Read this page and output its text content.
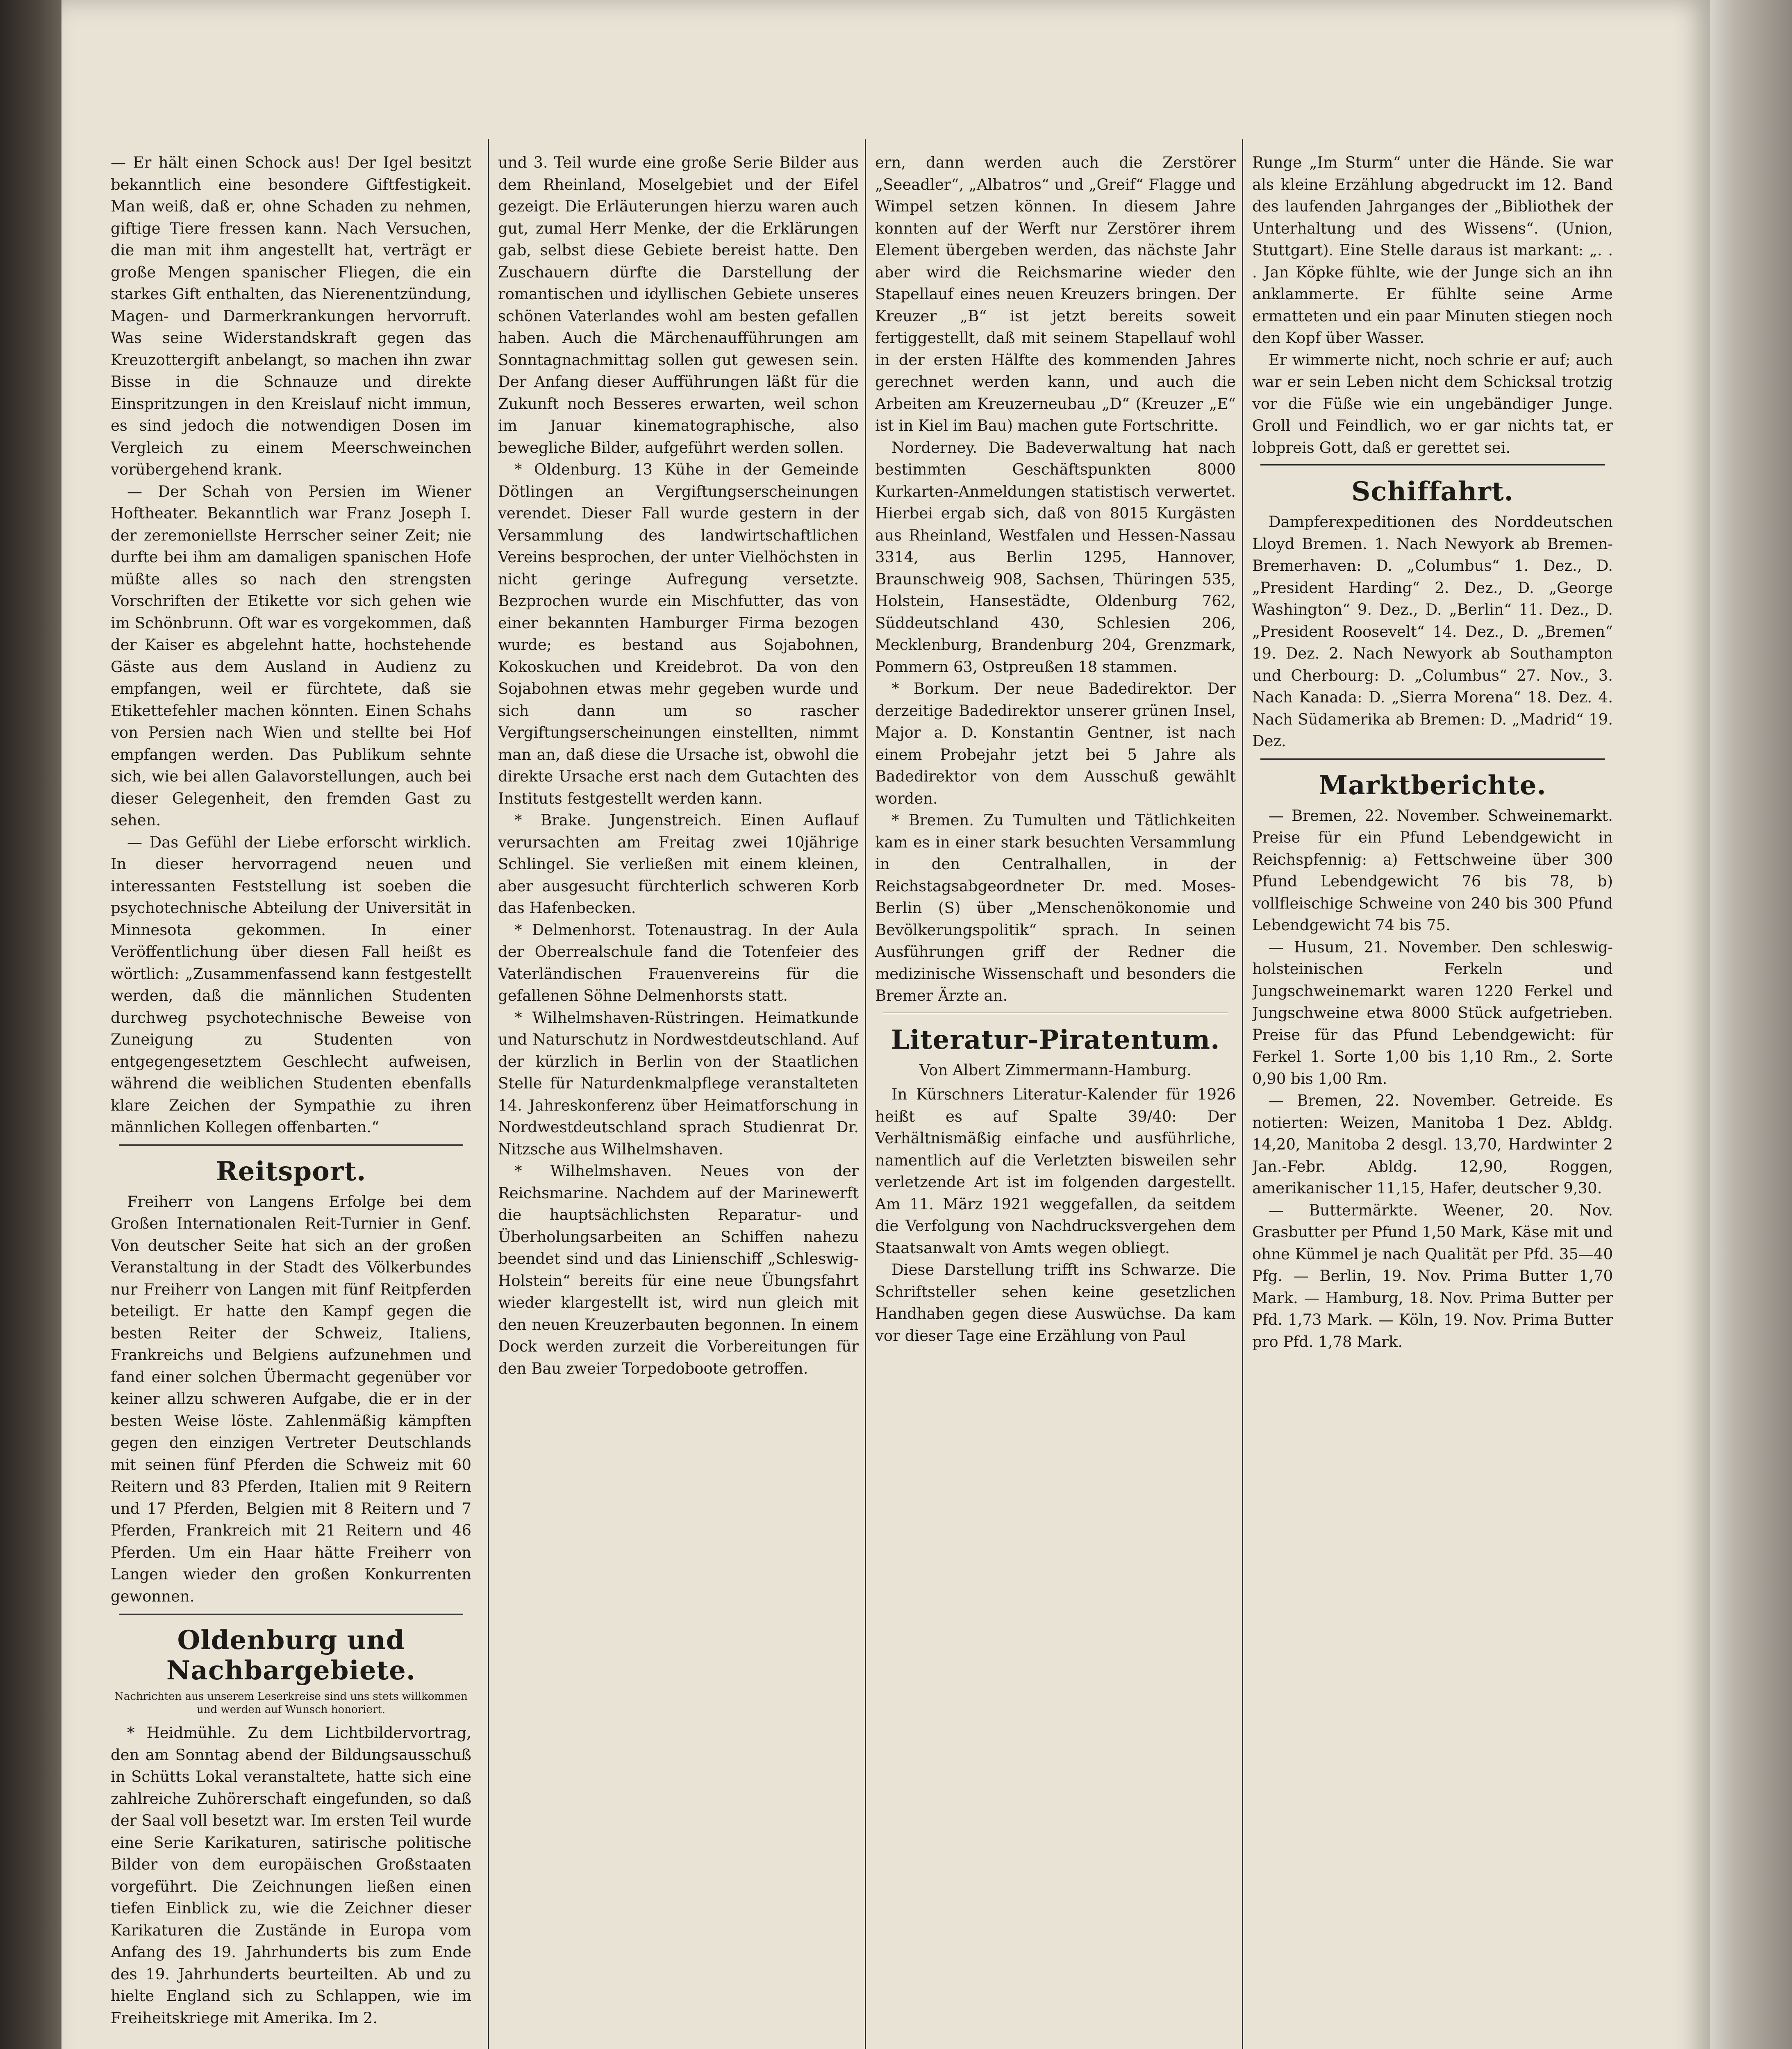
— Er hält einen Schock aus! Der Igel besitzt bekanntlich eine besondere Giftfestigkeit. Man weiß, daß er, ohne Schaden zu nehmen, giftige Tiere fressen kann. Nach Versuchen, die man mit ihm angestellt hat, verträgt er große Mengen spanischer Fliegen, die ein starkes Gift enthalten, das Nierenentzündung, Magen- und Darmerkrankungen hervorruft. Was seine Widerstandskraft gegen das Kreuzottergift anbelangt, so machen ihn zwar Bisse in die Schnauze und direkte Einspritzungen in den Kreislauf nicht immun, es sind jedoch die notwendigen Dosen im Vergleich zu einem Meerschweinchen vorübergehend krank.

— Der Schah von Persien im Wiener Hoftheater. Bekanntlich war Franz Joseph I. der zeremoniellste Herrscher seiner Zeit; nie durfte bei ihm am damaligen spanischen Hofe müßte alles so nach den strengsten Vorschriften der Etikette vor sich gehen wie im Schönbrunn. Oft war es vorgekommen, daß der Kaiser es abgelehnt hatte, hochstehende Gäste aus dem Ausland in Audienz zu empfangen, weil er fürchtete, daß sie Etikettefehler machen könnten. Einen Schahs von Persien nach Wien und stellte bei Hof empfangen werden. Das Publikum sehnte sich, wie bei allen Galavorstellungen, auch bei dieser Gelegenheit, den fremden Gast zu sehen.

— Das Gefühl der Liebe erforscht wirklich. In dieser hervorragend neuen und interessanten Feststellung ist soeben die psychotechnische Abteilung der Universität in Minnesota gekommen. In einer Veröffentlichung über diesen Fall heißt es wörtlich: „Zusammenfassend kann festgestellt werden, daß die männlichen Studenten durchweg psychotechnische Beweise von Zuneigung zu Studenten von entgegengesetztem Geschlecht aufweisen, während die weiblichen Studenten ebenfalls klare Zeichen der Sympathie zu ihren männlichen Kollegen offenbarten.“

Reitsport.

Freiherr von Langens Erfolge bei dem Großen Internationalen Reit-Turnier in Genf. Von deutscher Seite hat sich an der großen Veranstaltung in der Stadt des Völkerbundes nur Freiherr von Langen mit fünf Reitpferden beteiligt. Er hatte den Kampf gegen die besten Reiter der Schweiz, Italiens, Frankreichs und Belgiens aufzunehmen und fand einer solchen Übermacht gegenüber vor keiner allzu schweren Aufgabe, die er in der besten Weise löste. Zahlenmäßig kämpften gegen den einzigen Vertreter Deutschlands mit seinen fünf Pferden die Schweiz mit 60 Reitern und 83 Pferden, Italien mit 9 Reitern und 17 Pferden, Belgien mit 8 Reitern und 7 Pferden, Frankreich mit 21 Reitern und 46 Pferden. Um ein Haar hätte Freiherr von Langen wieder den großen Konkurrenten gewonnen.

Oldenburg und Nachbargebiete.
Nachrichten aus unserem Leserkreise sind uns stets willkommen und werden auf Wunsch honoriert.

* Heidmühle. Zu dem Lichtbildervortrag, den am Sonntag abend der Bildungsausschuß in Schütts Lokal veranstaltete, hatte sich eine zahlreiche Zuhörerschaft eingefunden, so daß der Saal voll besetzt war. Im ersten Teil wurde eine Serie Karikaturen, satirische politische Bilder von dem europäischen Großstaaten vorgeführt. Die Zeichnungen ließen einen tiefen Einblick zu, wie die Zeichner dieser Karikaturen die Zustände in Europa vom Anfang des 19. Jahrhunderts bis zum Ende des 19. Jahrhunderts beurteilten. Ab und zu hielte England sich zu Schlappen, wie im Freiheitskriege mit Amerika. Im 2.

und 3. Teil wurde eine große Serie Bilder aus dem Rheinland, Moselgebiet und der Eifel gezeigt. Die Erläuterungen hierzu waren auch gut, zumal Herr Menke, der die Erklärungen gab, selbst diese Gebiete bereist hatte. Den Zuschauern dürfte die Darstellung der romantischen und idyllischen Gebiete unseres schönen Vaterlandes wohl am besten gefallen haben. Auch die Märchenaufführungen am Sonntagnachmittag sollen gut gewesen sein. Der Anfang dieser Aufführungen läßt für die Zukunft noch Besseres erwarten, weil schon im Januar kinematographische, also bewegliche Bilder, aufgeführt werden sollen.

* Oldenburg. 13 Kühe in der Gemeinde Dötlingen an Vergiftungserscheinungen verendet. Dieser Fall wurde gestern in der Versammlung des landwirtschaftlichen Vereins besprochen, der unter Vielhöchsten in nicht geringe Aufregung versetzte. Bezprochen wurde ein Mischfutter, das von einer bekannten Hamburger Firma bezogen wurde; es bestand aus Sojabohnen, Kokoskuchen und Kreidebrot. Da von den Sojabohnen etwas mehr gegeben wurde und sich dann um so rascher Vergiftungserscheinungen einstellten, nimmt man an, daß diese die Ursache ist, obwohl die direkte Ursache erst nach dem Gutachten des Instituts festgestellt werden kann.

* Brake. Jungenstreich. Einen Auflauf verursachten am Freitag zwei 10jährige Schlingel. Sie verließen mit einem kleinen, aber ausgesucht fürchterlich schweren Korb das Hafenbecken.

* Delmenhorst. Totenaustrag. In der Aula der Oberrealschule fand die Totenfeier des Vaterländischen Frauenvereins für die gefallenen Söhne Delmenhorsts statt.

* Wilhelmshaven-Rüstringen. Heimatkunde und Naturschutz in Nordwestdeutschland. Auf der kürzlich in Berlin von der Staatlichen Stelle für Naturdenkmalpflege veranstalteten 14. Jahreskonferenz über Heimatforschung in Nordwestdeutschland sprach Studienrat Dr. Nitzsche aus Wilhelmshaven.

* Wilhelmshaven. Neues von der Reichsmarine. Nachdem auf der Marinewerft die hauptsächlichsten Reparatur- und Überholungsarbeiten an Schiffen nahezu beendet sind und das Linienschiff „Schleswig-Holstein“ bereits für eine neue Übungsfahrt wieder klargestellt ist, wird nun gleich mit den neuen Kreuzerbauten begonnen. In einem Dock werden zurzeit die Vorbereitungen für den Bau zweier Torpedoboote getroffen.

ern, dann werden auch die Zerstörer „Seeadler“, „Albatros“ und „Greif“ Flagge und Wimpel setzen können. In diesem Jahre konnten auf der Werft nur Zerstörer ihrem Element übergeben werden, das nächste Jahr aber wird die Reichsmarine wieder den Stapellauf eines neuen Kreuzers bringen. Der Kreuzer „B“ ist jetzt bereits soweit fertiggestellt, daß mit seinem Stapellauf wohl in der ersten Hälfte des kommenden Jahres gerechnet werden kann, und auch die Arbeiten am Kreuzerneubau „D“ (Kreuzer „E“ ist in Kiel im Bau) machen gute Fortschritte.

Norderney. Die Badeverwaltung hat nach bestimmten Geschäftspunkten 8000 Kurkarten-Anmeldungen statistisch verwertet. Hierbei ergab sich, daß von 8015 Kurgästen aus Rheinland, Westfalen und Hessen-Nassau 3314, aus Berlin 1295, Hannover, Braunschweig 908, Sachsen, Thüringen 535, Holstein, Hansestädte, Oldenburg 762, Süddeutschland 430, Schlesien 206, Mecklenburg, Brandenburg 204, Grenzmark, Pommern 63, Ostpreußen 18 stammen.

* Borkum. Der neue Badedirektor. Der derzeitige Badedirektor unserer grünen Insel, Major a. D. Konstantin Gentner, ist nach einem Probejahr jetzt bei 5 Jahre als Badedirektor von dem Ausschuß gewählt worden.

* Bremen. Zu Tumulten und Tätlichkeiten kam es in einer stark besuchten Versammlung in den Centralhallen, in der Reichstagsabgeordneter Dr. med. Moses-Berlin (S) über „Menschenökonomie und Bevölkerungspolitik“ sprach. In seinen Ausführungen griff der Redner die medizinische Wissenschaft und besonders die Bremer Ärzte an.

Literatur-Piratentum.
Von Albert Zimmermann-Hamburg.

In Kürschners Literatur-Kalender für 1926 heißt es auf Spalte 39/40: Der Verhältnismäßig einfache und ausführliche, namentlich auf die Verletzten bisweilen sehr verletzende Art ist im folgenden dargestellt. Am 11. März 1921 weggefallen, da seitdem die Verfolgung von Nachdrucksvergehen dem Staatsanwalt von Amts wegen obliegt.

Diese Darstellung trifft ins Schwarze. Die Schriftsteller sehen keine gesetzlichen Handhaben gegen diese Auswüchse. Da kam vor dieser Tage eine Erzählung von Paul

Runge „Im Sturm“ unter die Hände. Sie war als kleine Erzählung abgedruckt im 12. Band des laufenden Jahrganges der „Bibliothek der Unterhaltung und des Wissens“. (Union, Stuttgart). Eine Stelle daraus ist markant: „. . . Jan Köpke fühlte, wie der Junge sich an ihn anklammerte. Er fühlte seine Arme ermatteten und ein paar Minuten stiegen noch den Kopf über Wasser.

Er wimmerte nicht, noch schrie er auf; auch war er sein Leben nicht dem Schicksal trotzig vor die Füße wie ein ungebändiger Junge. Groll und Feindlich, wo er gar nichts tat, er lobpreis Gott, daß er gerettet sei.

Schiffahrt.

Dampferexpeditionen des Norddeutschen Lloyd Bremen. 1. Nach Newyork ab Bremen-Bremerhaven: D. „Columbus“ 1. Dez., D. „President Harding“ 2. Dez., D. „George Washington“ 9. Dez., D. „Berlin“ 11. Dez., D. „President Roosevelt“ 14. Dez., D. „Bremen“ 19. Dez. 2. Nach Newyork ab Southampton und Cherbourg: D. „Columbus“ 27. Nov., 3. Nach Kanada: D. „Sierra Morena“ 18. Dez. 4. Nach Südamerika ab Bremen: D. „Madrid“ 19. Dez.

Marktberichte.

— Bremen, 22. November. Schweinemarkt. Preise für ein Pfund Lebendgewicht in Reichspfennig: a) Fettschweine über 300 Pfund Lebendgewicht 76 bis 78, b) vollfleischige Schweine von 240 bis 300 Pfund Lebendgewicht 74 bis 75.

— Husum, 21. November. Den schleswig-holsteinischen Ferkeln und Jungschweinemarkt waren 1220 Ferkel und Jungschweine etwa 8000 Stück aufgetrieben. Preise für das Pfund Lebendgewicht: für Ferkel 1. Sorte 1,00 bis 1,10 Rm., 2. Sorte 0,90 bis 1,00 Rm.

— Bremen, 22. November. Getreide. Es notierten: Weizen, Manitoba 1 Dez. Abldg. 14,20, Manitoba 2 desgl. 13,70, Hardwinter 2 Jan.-Febr. Abldg. 12,90, Roggen, amerikanischer 11,15, Hafer, deutscher 9,30.

— Buttermärkte. Weener, 20. Nov. Grasbutter per Pfund 1,50 Mark, Käse mit und ohne Kümmel je nach Qualität per Pfd. 35—40 Pfg. — Berlin, 19. Nov. Prima Butter 1,70 Mark. — Hamburg, 18. Nov. Prima Butter per Pfd. 1,73 Mark. — Köln, 19. Nov. Prima Butter pro Pfd. 1,78 Mark.
